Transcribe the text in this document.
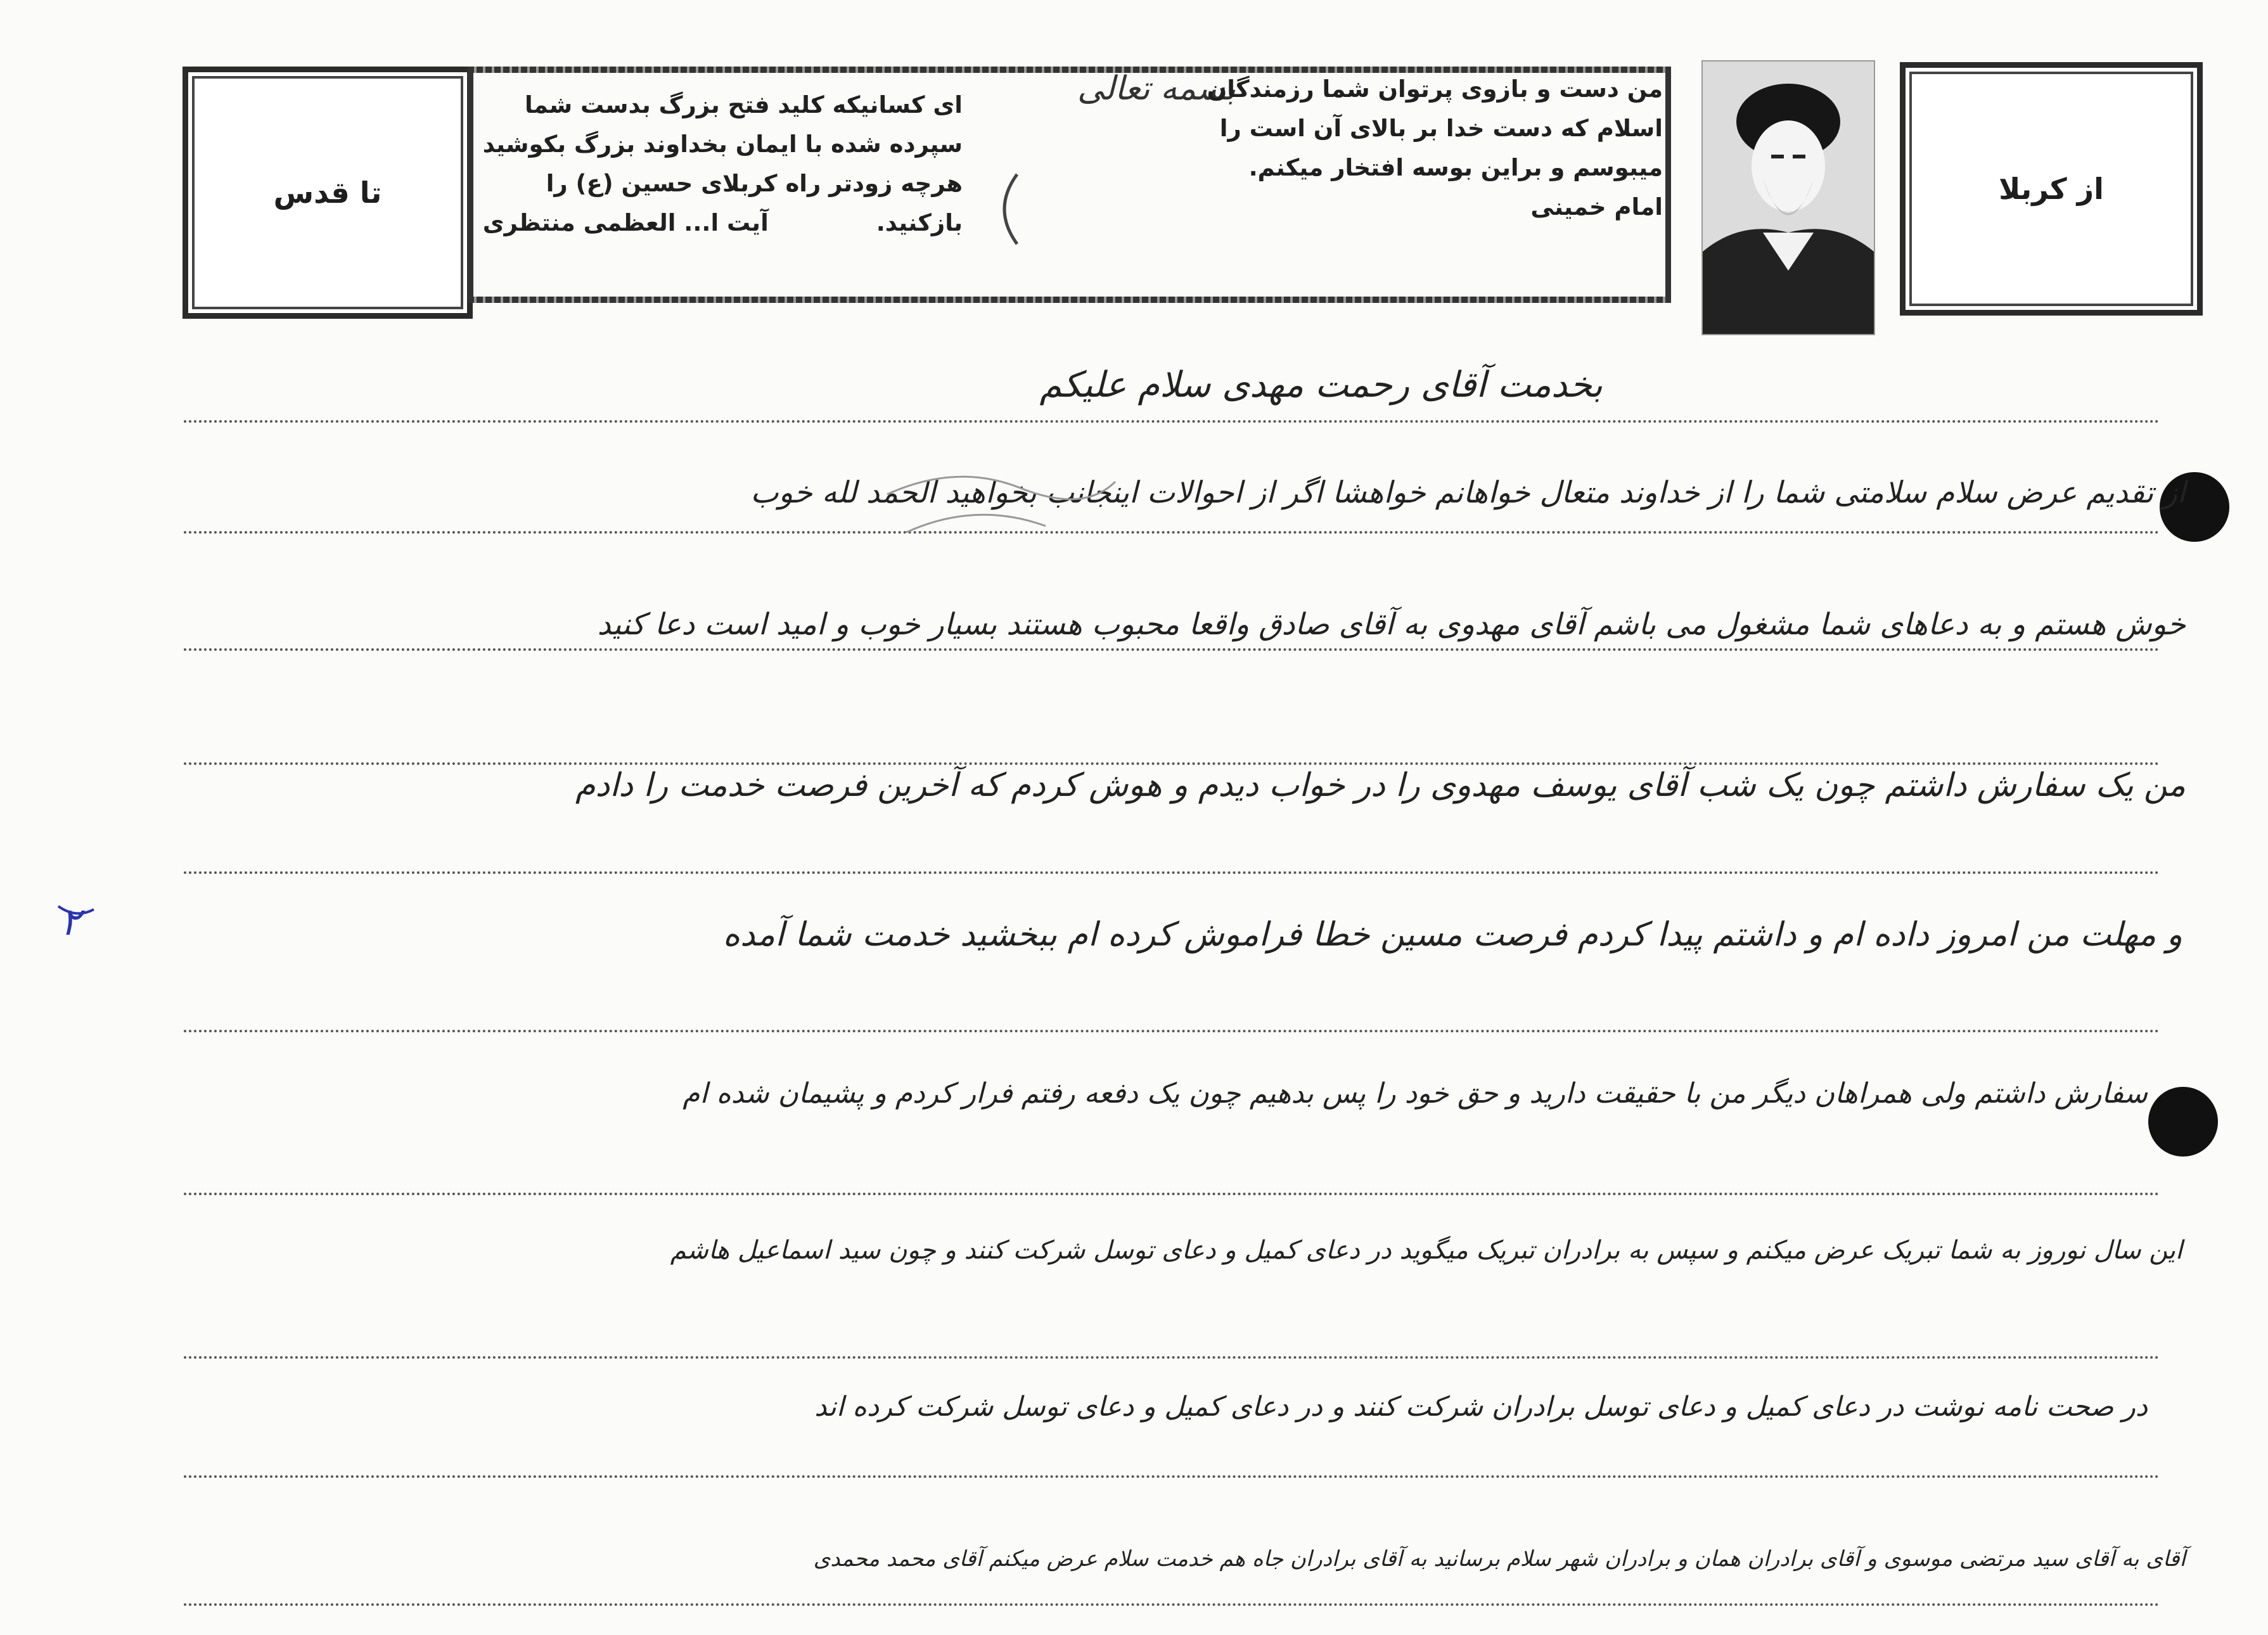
تا قدس	از کربلا
ای کسانیکه کلید فتح بزرگ بدست شما
سپرده شده با ایمان بخداوند بزرگ بکوشید
هرچه زودتر راه کربلای حسین (ع) را
بازکنید.
آیت ا... العظمی منتظری
بسمه تعالی
من دست و بازوی پرتوان شما رزمندگان
اسلام که دست خدا بر بالای آن است را
میبوسم و براین بوسه افتخار میکنم.
امام خمینی
۲
بخدمت آقای رحمت مهدی سلام علیکم
از تقدیم عرض سلام سلامتی شما را از خداوند متعال خواهانم خواهشا اگر از احوالات اینجانب بخواهید الحمد لله خوب
خوش هستم و به دعاهای شما مشغول می باشم آقای مهدوی به آقای صادق واقعا محبوب هستند بسیار خوب و امید است دعا کنید
من یک سفارش داشتم چون یک شب آقای یوسف مهدوی را در خواب دیدم و هوش کردم که آخرین فرصت خدمت را دادم
و مهلت من امروز داده ام و داشتم پیدا کردم فرصت مسین خطا فراموش کرده ام ببخشید خدمت شما آمده
سفارش داشتم ولی همراهان دیگر من با حقیقت دارید و حق خود را پس بدهیم چون یک دفعه رفتم فرار کردم و پشیمان شده ام
این سال نوروز به شما تبریک عرض میکنم و سپس به برادران تبریک میگوید در دعای کمیل و دعای توسل شرکت کنند و چون سید اسماعیل هاشم
در صحت نامه نوشت در دعای کمیل و دعای توسل برادران شرکت کنند و در دعای کمیل و دعای توسل شرکت کرده اند
آقای به آقای سید مرتضی موسوی و آقای برادران همان و برادران شهر سلام برسانید به آقای برادران جاه هم خدمت سلام عرض میکنم آقای محمد محمدی
